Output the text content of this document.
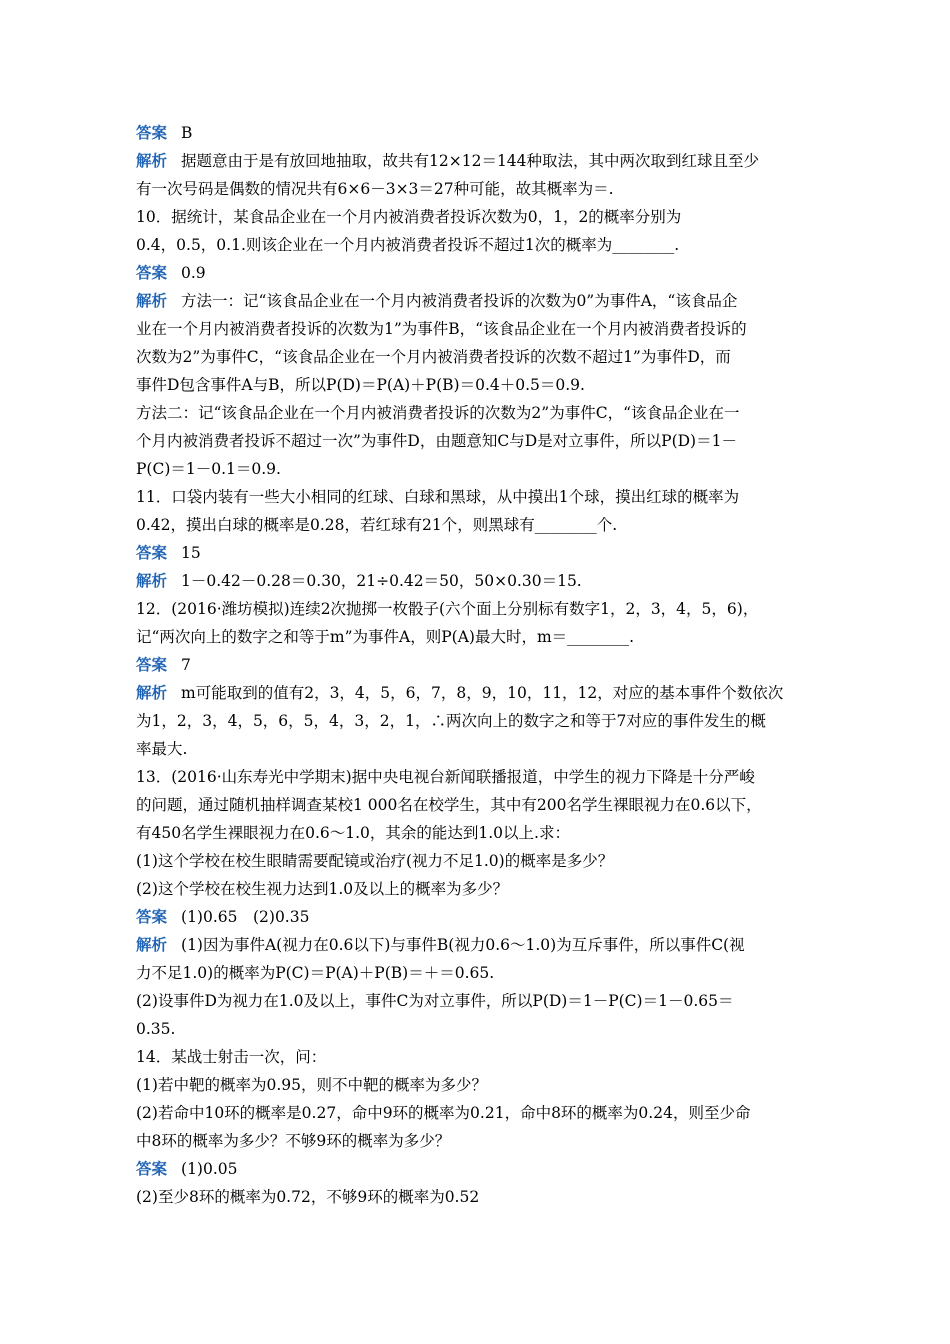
答案 B
解析 据题意由于是有放回地抽取，故共有12×12＝144种取法，其中两次取到红球且至少
有一次号码是偶数的情况共有6×6－3×3＝27种可能，故其概率为＝.
10．据统计，某食品企业在一个月内被消费者投诉次数为0，1，2的概率分别为
0.4，0.5，0.1.则该企业在一个月内被消费者投诉不超过1次的概率为________.
答案 0.9
解析 方法一：记“该食品企业在一个月内被消费者投诉的次数为0”为事件A，“该食品企
业在一个月内被消费者投诉的次数为1”为事件B，“该食品企业在一个月内被消费者投诉的
次数为2”为事件C，“该食品企业在一个月内被消费者投诉的次数不超过1”为事件D，而
事件D包含事件A与B，所以P(D)＝P(A)＋P(B)＝0.4＋0.5＝0.9.
方法二：记“该食品企业在一个月内被消费者投诉的次数为2”为事件C，“该食品企业在一
个月内被消费者投诉不超过一次”为事件D，由题意知C与D是对立事件，所以P(D)＝1－
P(C)＝1－0.1＝0.9.
11．口袋内装有一些大小相同的红球、白球和黑球，从中摸出1个球，摸出红球的概率为
0.42，摸出白球的概率是0.28，若红球有21个，则黑球有________个.
答案 15
解析 1－0.42－0.28＝0.30，21÷0.42＝50，50×0.30＝15.
12．(2016·潍坊模拟)连续2次抛掷一枚骰子(六个面上分别标有数字1，2，3，4，5，6)，
记“两次向上的数字之和等于m”为事件A，则P(A)最大时，m＝________.
答案 7
解析 m可能取到的值有2，3，4，5，6，7，8，9，10，11，12，对应的基本事件个数依次
为1，2，3，4，5，6，5，4，3，2，1，∴两次向上的数字之和等于7对应的事件发生的概
率最大.
13．(2016·山东寿光中学期末)据中央电视台新闻联播报道，中学生的视力下降是十分严峻
的问题，通过随机抽样调查某校1 000名在校学生，其中有200名学生裸眼视力在0.6以下，
有450名学生裸眼视力在0.6～1.0，其余的能达到1.0以上.求：
(1)这个学校在校生眼睛需要配镜或治疗(视力不足1.0)的概率是多少？
(2)这个学校在校生视力达到1.0及以上的概率为多少？
答案 (1)0.65　(2)0.35
解析 (1)因为事件A(视力在0.6以下)与事件B(视力0.6～1.0)为互斥事件，所以事件C(视
力不足1.0)的概率为P(C)＝P(A)＋P(B)＝＋＝0.65.
(2)设事件D为视力在1.0及以上，事件C为对立事件，所以P(D)＝1－P(C)＝1－0.65＝
0.35.
14．某战士射击一次，问：
(1)若中靶的概率为0.95，则不中靶的概率为多少？
(2)若命中10环的概率是0.27，命中9环的概率为0.21，命中8环的概率为0.24，则至少命
中8环的概率为多少？不够9环的概率为多少？
答案 (1)0.05
(2)至少8环的概率为0.72，不够9环的概率为0.52
